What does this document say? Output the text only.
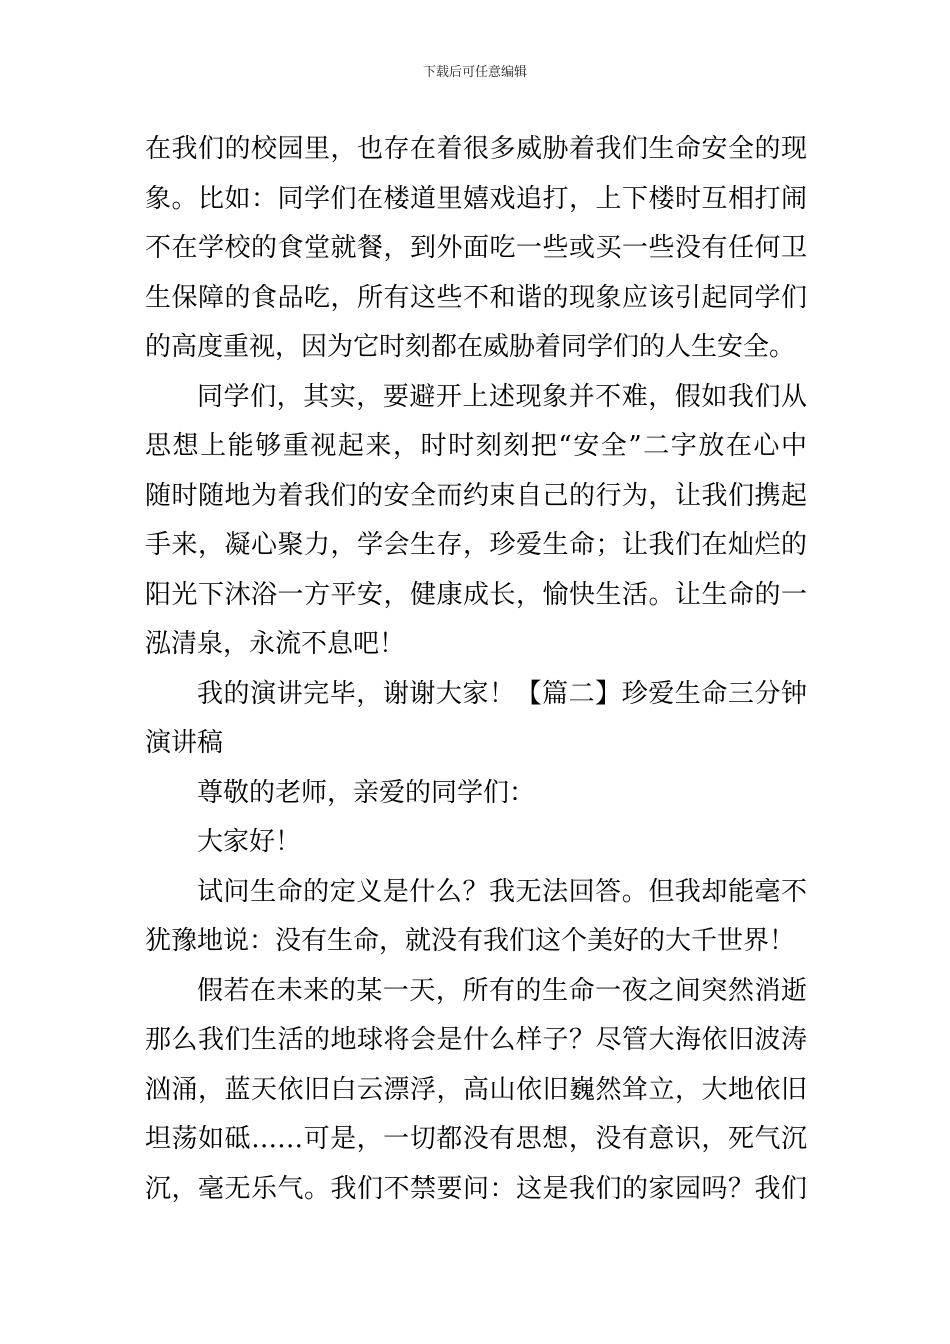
下载后可任意编辑
在我们的校园里，也存在着很多威胁着我们生命安全的现
象。比如：同学们在楼道里嬉戏追打，上下楼时互相打闹
不在学校的食堂就餐，到外面吃一些或买一些没有任何卫
生保障的食品吃，所有这些不和谐的现象应该引起同学们
的高度重视，因为它时刻都在威胁着同学们的人生安全。
同学们，其实，要避开上述现象并不难，假如我们从
思想上能够重视起来，时时刻刻把“安全”二字放在心中
随时随地为着我们的安全而约束自己的行为，让我们携起
手来，凝心聚力，学会生存，珍爱生命；让我们在灿烂的
阳光下沐浴一方平安，健康成长，愉快生活。让生命的一
泓清泉，永流不息吧！
我的演讲完毕，谢谢大家！【篇二】珍爱生命三分钟
演讲稿
尊敬的老师，亲爱的同学们：
大家好！
试问生命的定义是什么？我无法回答。但我却能毫不
犹豫地说：没有生命，就没有我们这个美好的大千世界！
假若在未来的某一天，所有的生命一夜之间突然消逝
那么我们生活的地球将会是什么样子？尽管大海依旧波涛
汹涌，蓝天依旧白云漂浮，高山依旧巍然耸立，大地依旧
坦荡如砥……可是，一切都没有思想，没有意识，死气沉
沉，毫无乐气。我们不禁要问：这是我们的家园吗？我们
